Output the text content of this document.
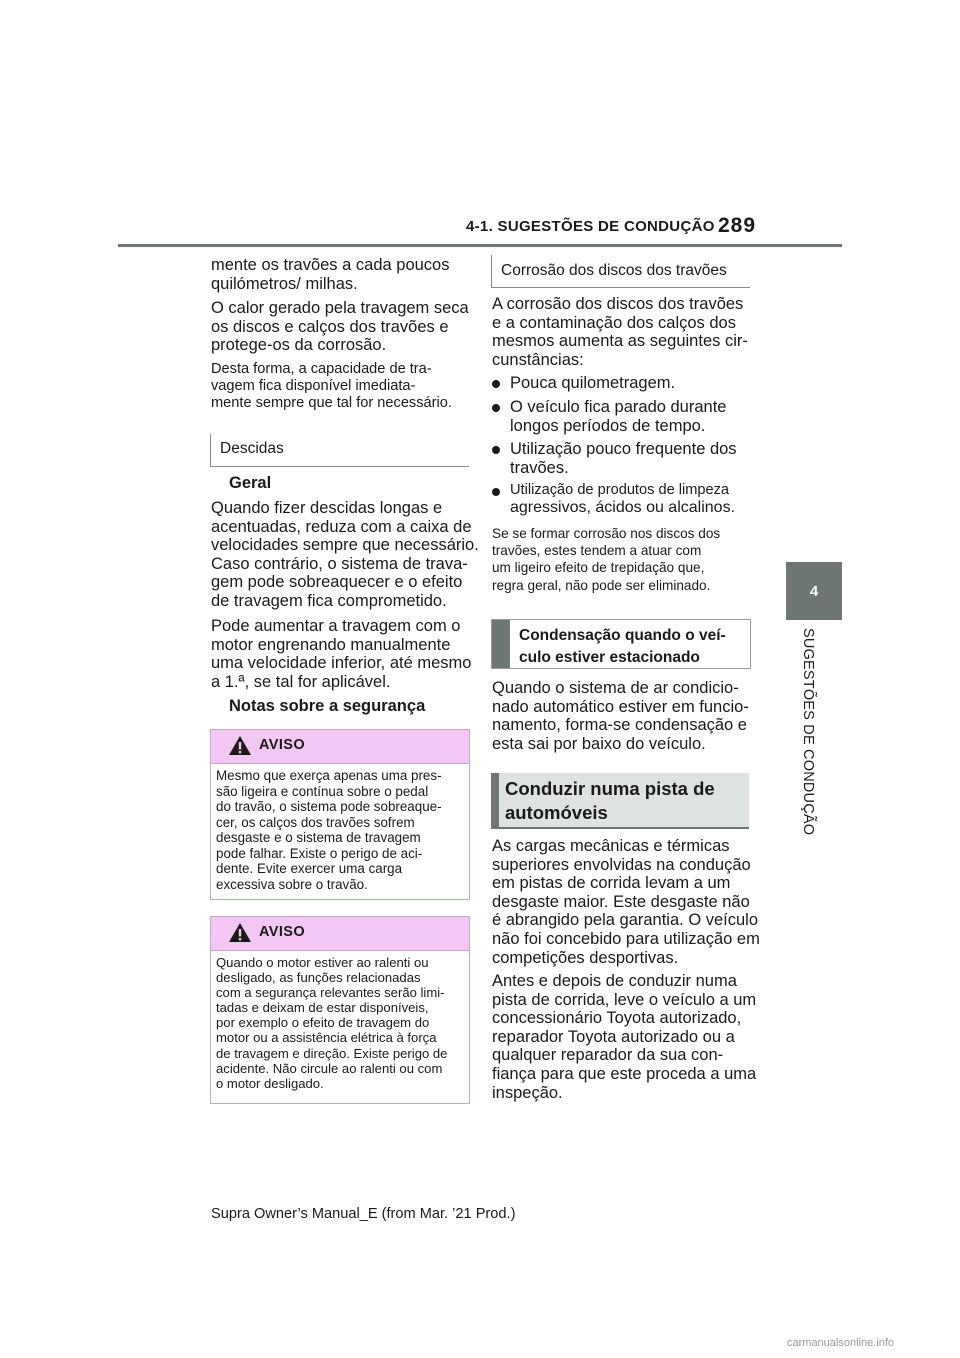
4-1. SUGESTÕES DE CONDUÇÃO 289
4
SUGESTÕES DE CONDUÇÃO
mente os travões a cada poucos
quilómetros/ milhas.
O calor gerado pela travagem seca
os discos e calços dos travões e
protege-os da corrosão.
Desta forma, a capacidade de tra-
vagem fica disponível imediata-
mente sempre que tal for necessário.
Descidas
Geral
Quando fizer descidas longas e
acentuadas, reduza com a caixa de
velocidades sempre que necessário.
Caso contrário, o sistema de trava-
gem pode sobreaquecer e o efeito
de travagem fica comprometido.
Pode aumentar a travagem com o
motor engrenando manualmente
uma velocidade inferior, até mesmo
a 1.ª, se tal for aplicável.
Notas sobre a segurança
AVISO
Mesmo que exerça apenas uma pres-
são ligeira e contínua sobre o pedal
do travão, o sistema pode sobreaque-
cer, os calços dos travões sofrem
desgaste e o sistema de travagem
pode falhar. Existe o perigo de aci-
dente. Evite exercer uma carga
excessiva sobre o travão.
AVISO
Quando o motor estiver ao ralenti ou
desligado, as funções relacionadas
com a segurança relevantes serão limi-
tadas e deixam de estar disponíveis,
por exemplo o efeito de travagem do
motor ou a assistência elétrica à força
de travagem e direção. Existe perigo de
acidente. Não circule ao ralenti ou com
o motor desligado.
Corrosão dos discos dos travões
A corrosão dos discos dos travões
e a contaminação dos calços dos
mesmos aumenta as seguintes cir-
cunstâncias:
Pouca quilometragem.
O veículo fica parado durante
longos períodos de tempo.
Utilização pouco frequente dos
travões.
Utilização de produtos de limpeza
agressivos, ácidos ou alcalinos.
Se se formar corrosão nos discos dos
travões, estes tendem a atuar com
um ligeiro efeito de trepidação que,
regra geral, não pode ser eliminado.
Condensação quando o veí-
culo estiver estacionado
Quando o sistema de ar condicio-
nado automático estiver em funcio-
namento, forma-se condensação e
esta sai por baixo do veículo.
Conduzir numa pista de
automóveis
As cargas mecânicas e térmicas
superiores envolvidas na condução
em pistas de corrida levam a um
desgaste maior. Este desgaste não
é abrangido pela garantia. O veículo
não foi concebido para utilização em
competições desportivas.
Antes e depois de conduzir numa
pista de corrida, leve o veículo a um
concessionário Toyota autorizado,
reparador Toyota autorizado ou a
qualquer reparador da sua con-
fiança para que este proceda a uma
inspeção.
Supra Owner’s Manual_E (from Mar. ’21 Prod.)
carmanualsonline.info
